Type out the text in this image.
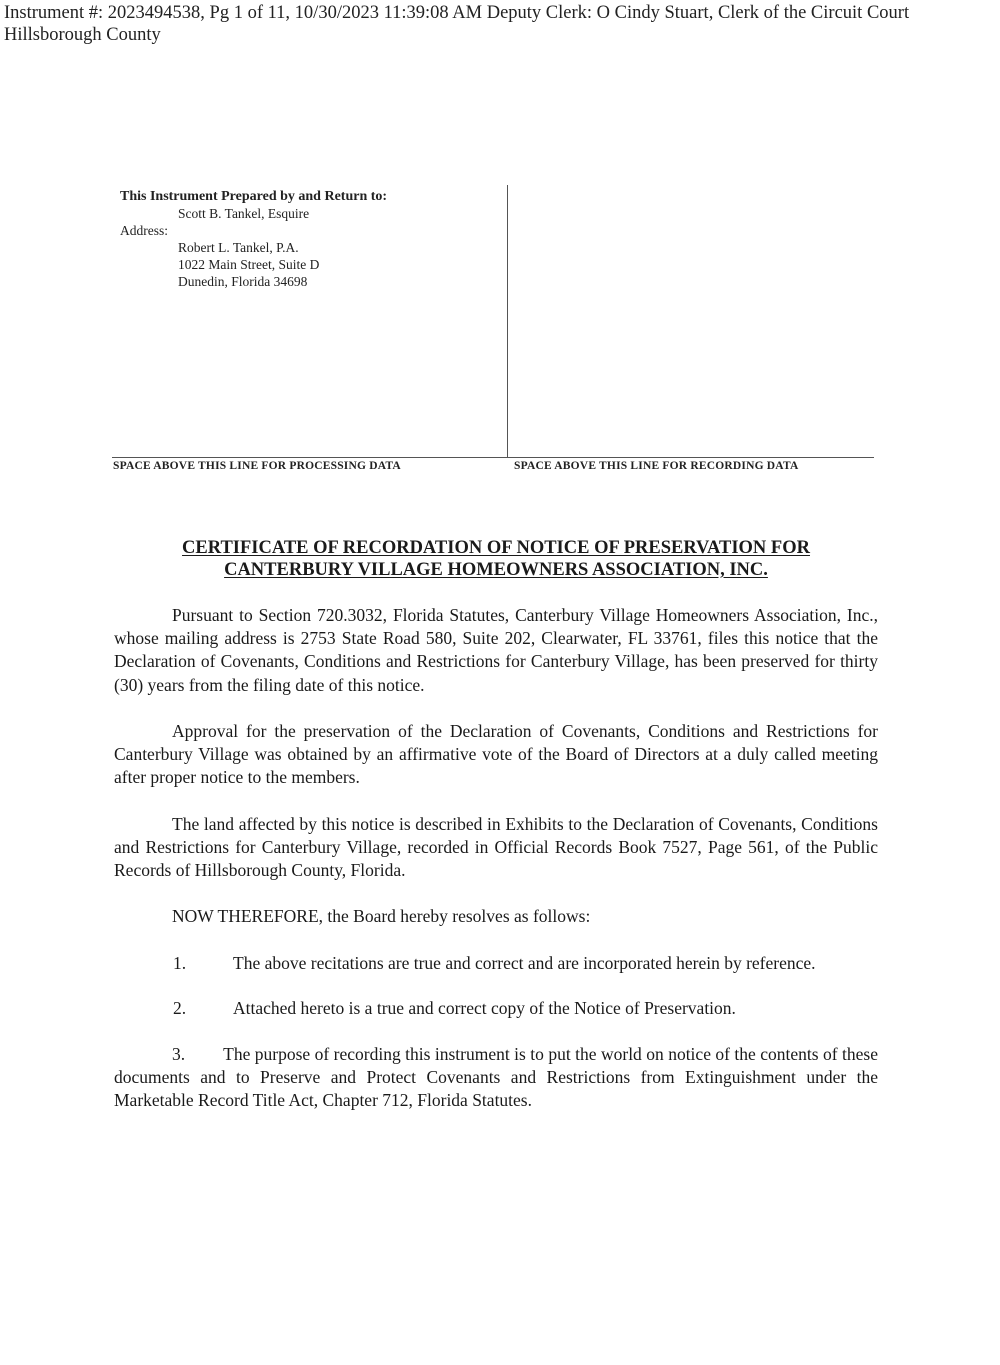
Instrument #: 2023494538, Pg 1 of 11, 10/30/2023 11:39:08 AM Deputy Clerk: O Cindy Stuart, Clerk of the Circuit Court Hillsborough County
This Instrument Prepared by and Return to:
Scott B. Tankel, Esquire
Address:
Robert L. Tankel, P.A.
1022 Main Street, Suite D
Dunedin, Florida 34698
SPACE ABOVE THIS LINE FOR PROCESSING DATA	SPACE ABOVE THIS LINE FOR RECORDING DATA
CERTIFICATE OF RECORDATION OF NOTICE OF PRESERVATION FOR
CANTERBURY VILLAGE HOMEOWNERS ASSOCIATION, INC.
Pursuant to Section 720.3032, Florida Statutes, Canterbury Village Homeowners Association, Inc., whose mailing address is 2753 State Road 580, Suite 202, Clearwater, FL 33761, files this notice that the Declaration of Covenants, Conditions and Restrictions for Canterbury Village, has been preserved for thirty (30) years from the filing date of this notice.
Approval for the preservation of the Declaration of Covenants, Conditions and Restrictions for Canterbury Village was obtained by an affirmative vote of the Board of Directors at a duly called meeting after proper notice to the members.
The land affected by this notice is described in Exhibits to the Declaration of Covenants, Conditions and Restrictions for Canterbury Village, recorded in Official Records Book 7527, Page 561, of the Public Records of Hillsborough County, Florida.
NOW THEREFORE, the Board hereby resolves as follows:
1.	The above recitations are true and correct and are incorporated herein by reference.
2.	Attached hereto is a true and correct copy of the Notice of Preservation.
3. The purpose of recording this instrument is to put the world on notice of the contents of these documents and to Preserve and Protect Covenants and Restrictions from Extinguishment under the Marketable Record Title Act, Chapter 712, Florida Statutes.
